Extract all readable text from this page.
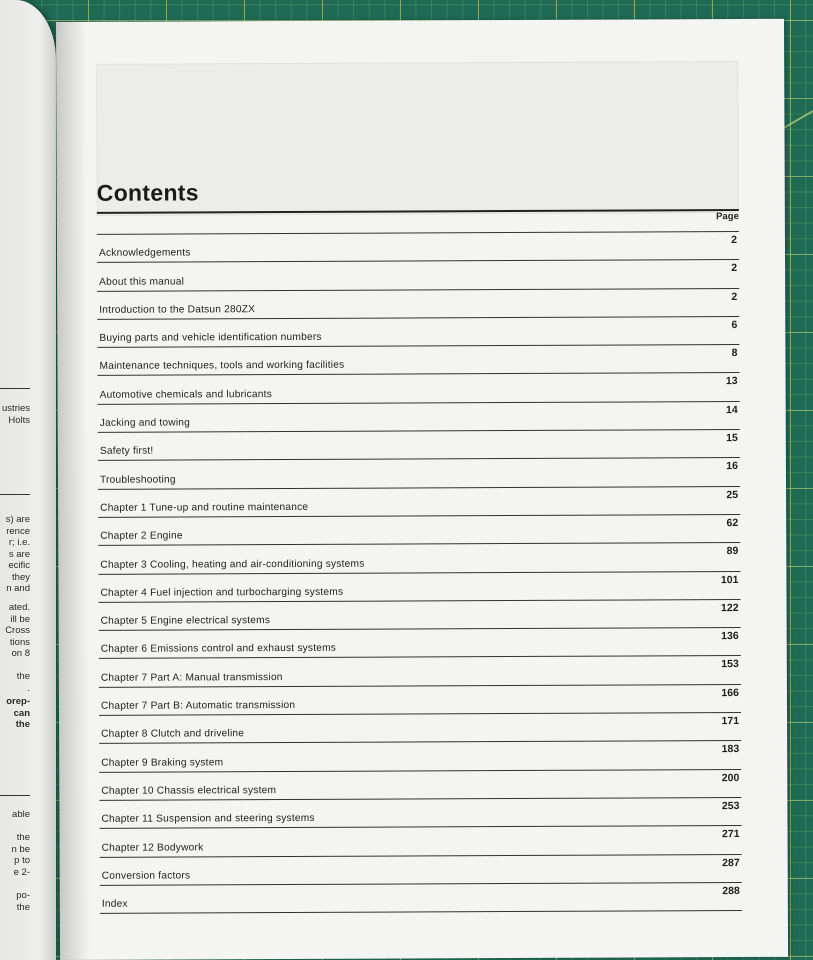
ustries
Holts
s) are
rence
r; i.e.
s are
ecific
they
n and
ated.
ill be
Cross
tions
on 8
the
.
orep-
can
the
able
the
n be
p to
e 2-
po-
the
Contents
Page
2
Acknowledgements
2
About this manual
2
Introduction to the Datsun 280ZX
6
Buying parts and vehicle identification numbers
8
Maintenance techniques, tools and working facilities
13
Automotive chemicals and lubricants
14
Jacking and towing
15
Safety first!
16
Troubleshooting
25
Chapter 1 Tune-up and routine maintenance
62
Chapter 2 Engine
89
Chapter 3 Cooling, heating and air-conditioning systems
101
Chapter 4 Fuel injection and turbocharging systems
122
Chapter 5 Engine electrical systems
136
Chapter 6 Emissions control and exhaust systems
153
Chapter 7 Part A: Manual transmission
166
Chapter 7 Part B: Automatic transmission
171
Chapter 8 Clutch and driveline
183
Chapter 9 Braking system
200
Chapter 10 Chassis electrical system
253
Chapter 11 Suspension and steering systems
271
Chapter 12 Bodywork
287
Conversion factors
288
Index
